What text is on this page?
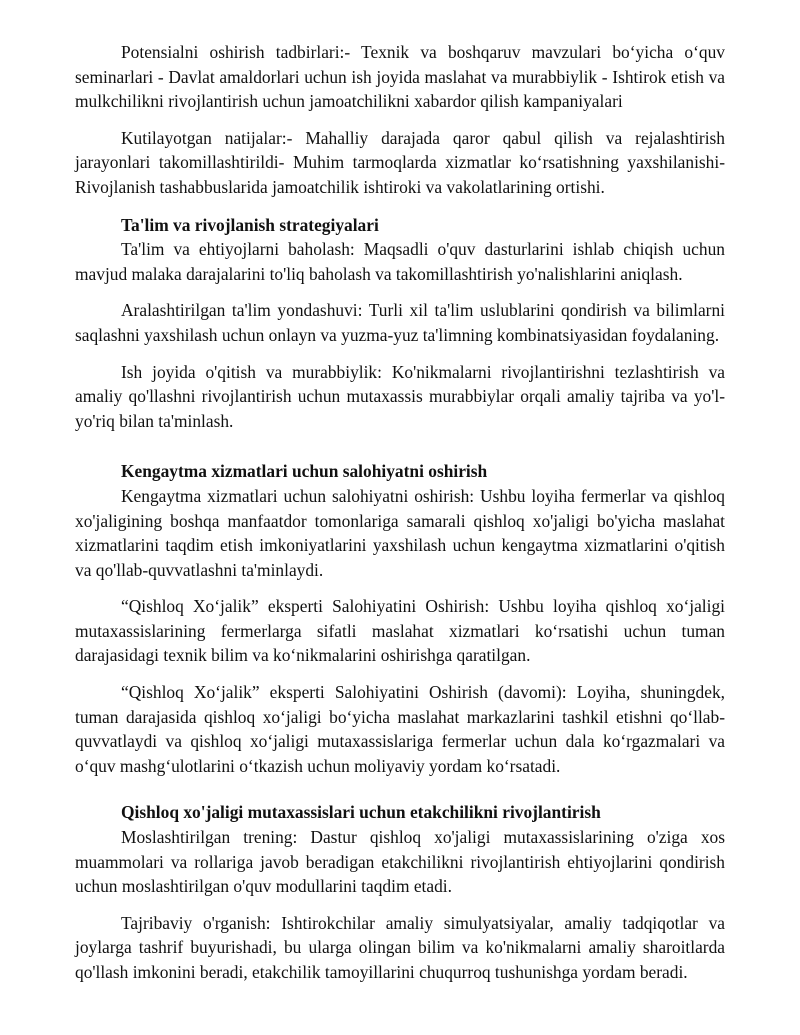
Potensialni oshirish tadbirlari:- Texnik va boshqaruv mavzulari bo‘yicha o‘quv seminarlari - Davlat amaldorlari uchun ish joyida maslahat va murabbiylik - Ishtirok etish va mulkchilikni rivojlantirish uchun jamoatchilikni xabardor qilish kampaniyalari

Kutilayotgan natijalar:- Mahalliy darajada qaror qabul qilish va rejalashtirish jarayonlari takomillashtirildi- Muhim tarmoqlarda xizmatlar ko‘rsatishning yaxshilanishi- Rivojlanish tashabbuslarida jamoatchilik ishtiroki va vakolatlarining ortishi.

Ta'lim va rivojlanish strategiyalari

Ta'lim va ehtiyojlarni baholash: Maqsadli o'quv dasturlarini ishlab chiqish uchun mavjud malaka darajalarini to'liq baholash va takomillashtirish yo'nalishlarini aniqlash.

Aralashtirilgan ta'lim yondashuvi: Turli xil ta'lim uslublarini qondirish va bilimlarni saqlashni yaxshilash uchun onlayn va yuzma-yuz ta'limning kombinatsiyasidan foydalaning.

Ish joyida o'qitish va murabbiylik: Ko'nikmalarni rivojlantirishni tezlashtirish va amaliy qo'llashni rivojlantirish uchun mutaxassis murabbiylar orqali amaliy tajriba va yo'l-yo'riq bilan ta'minlash.

Kengaytma xizmatlari uchun salohiyatni oshirish

Kengaytma xizmatlari uchun salohiyatni oshirish: Ushbu loyiha fermerlar va qishloq xo'jaligining boshqa manfaatdor tomonlariga samarali qishloq xo'jaligi bo'yicha maslahat xizmatlarini taqdim etish imkoniyatlarini yaxshilash uchun kengaytma xizmatlarini o'qitish va qo'llab-quvvatlashni ta'minlaydi.

“Qishloq Xo‘jalik” eksperti Salohiyatini Oshirish: Ushbu loyiha qishloq xo‘jaligi mutaxassislarining fermerlarga sifatli maslahat xizmatlari ko‘rsatishi uchun tuman darajasidagi texnik bilim va ko‘nikmalarini oshirishga qaratilgan.

“Qishloq Xo‘jalik” eksperti Salohiyatini Oshirish (davomi): Loyiha, shuningdek, tuman darajasida qishloq xo‘jaligi bo‘yicha maslahat markazlarini tashkil etishni qo‘llab-quvvatlaydi va qishloq xo‘jaligi mutaxassislariga fermerlar uchun dala ko‘rgazmalari va o‘quv mashg‘ulotlarini o‘tkazish uchun moliyaviy yordam ko‘rsatadi.

Qishloq xo'jaligi mutaxassislari uchun etakchilikni rivojlantirish

Moslashtirilgan trening: Dastur qishloq xo'jaligi mutaxassislarining o'ziga xos muammolari va rollariga javob beradigan etakchilikni rivojlantirish ehtiyojlarini qondirish uchun moslashtirilgan o'quv modullarini taqdim etadi.

Tajribaviy o'rganish: Ishtirokchilar amaliy simulyatsiyalar, amaliy tadqiqotlar va joylarga tashrif buyurishadi, bu ularga olingan bilim va ko'nikmalarni amaliy sharoitlarda qo'llash imkonini beradi, etakchilik tamoyillarini chuqurroq tushunishga yordam beradi.
